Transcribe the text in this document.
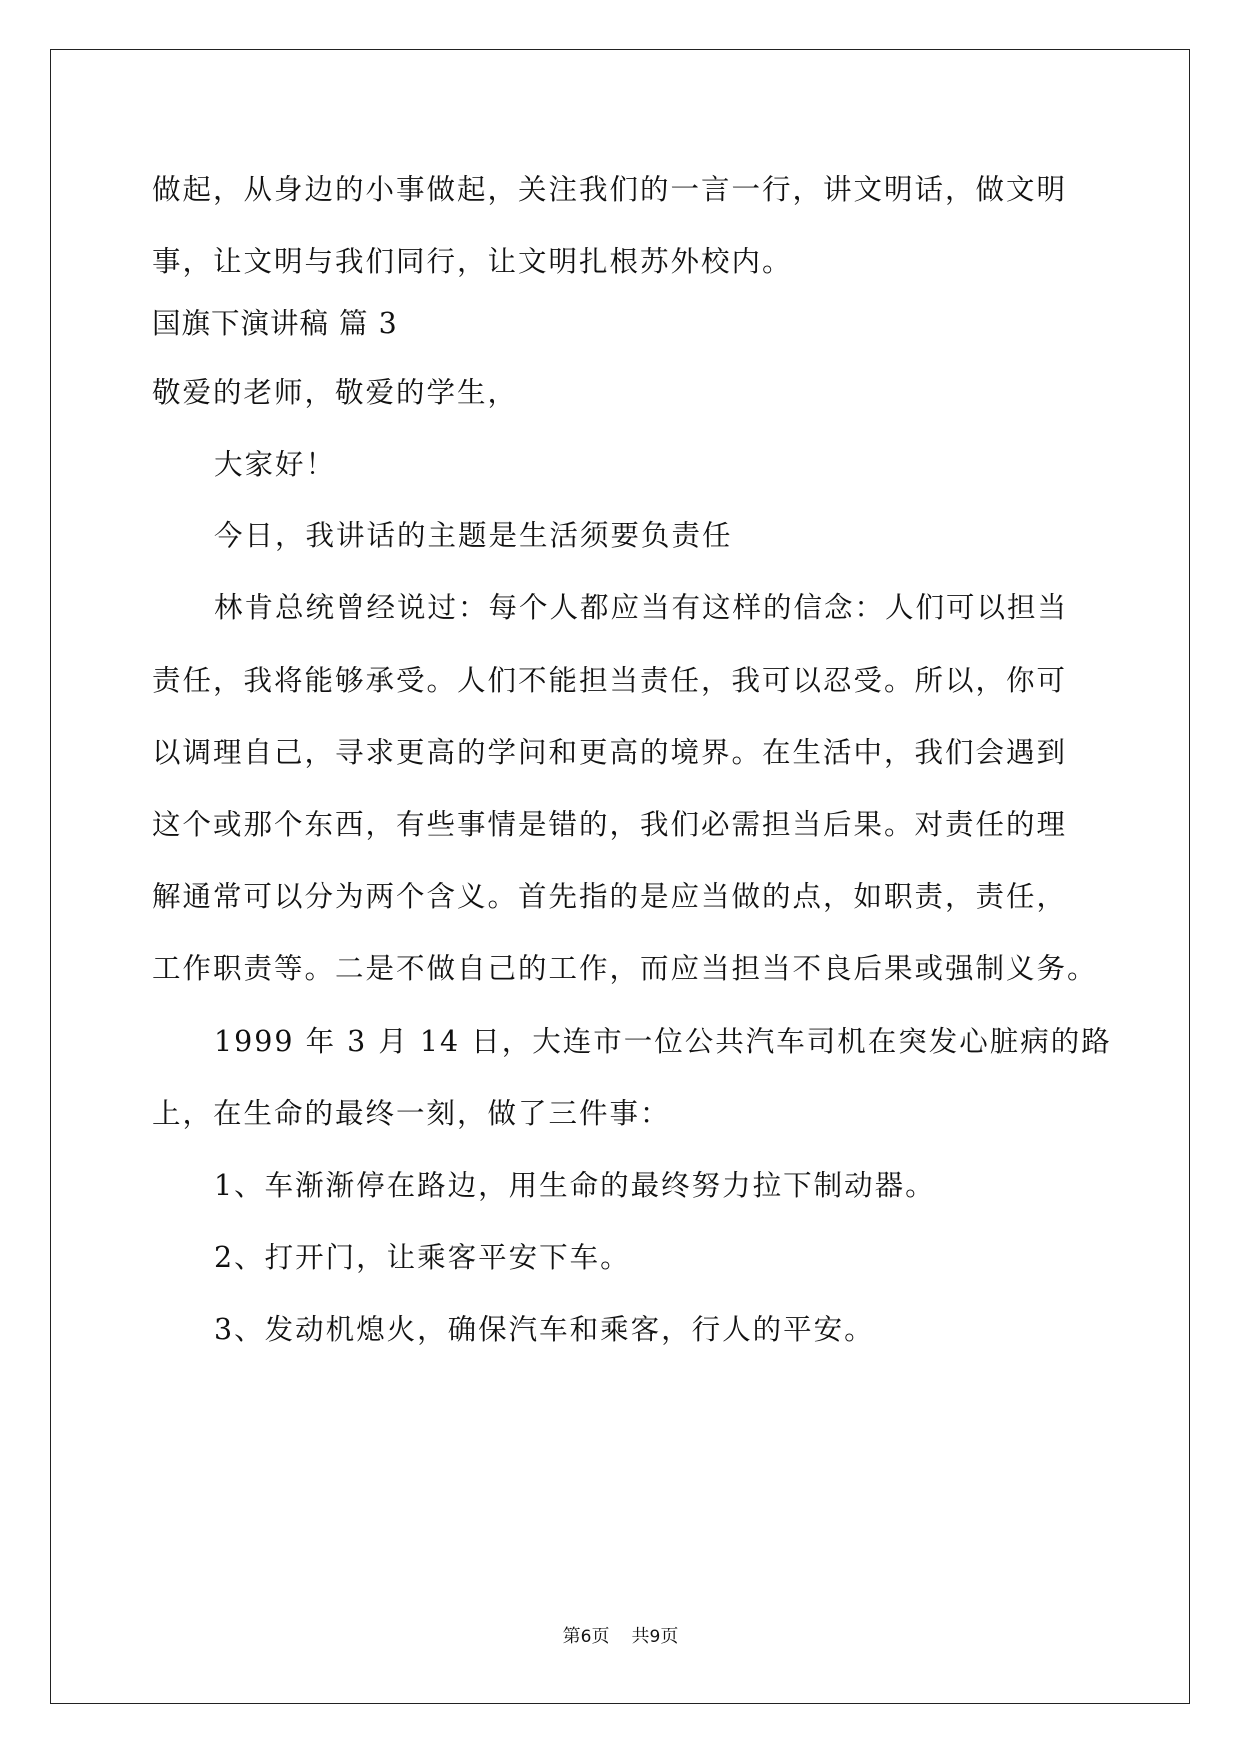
做起，从身边的小事做起，关注我们的一言一行，讲文明话，做文明
事，让文明与我们同行，让文明扎根苏外校内。
国旗下演讲稿 篇 3
敬爱的老师，敬爱的学生，
大家好！
今日，我讲话的主题是生活须要负责任
林肯总统曾经说过：每个人都应当有这样的信念：人们可以担当
责任，我将能够承受。人们不能担当责任，我可以忍受。所以，你可
以调理自己，寻求更高的学问和更高的境界。在生活中，我们会遇到
这个或那个东西，有些事情是错的，我们必需担当后果。对责任的理
解通常可以分为两个含义。首先指的是应当做的点，如职责，责任，
工作职责等。二是不做自己的工作，而应当担当不良后果或强制义务。
1999 年 3 月 14 日，大连市一位公共汽车司机在突发心脏病的路
上，在生命的最终一刻，做了三件事：
1、车渐渐停在路边，用生命的最终努力拉下制动器。
2、打开门，让乘客平安下车。
3、发动机熄火，确保汽车和乘客，行人的平安。
第6页 共9页
